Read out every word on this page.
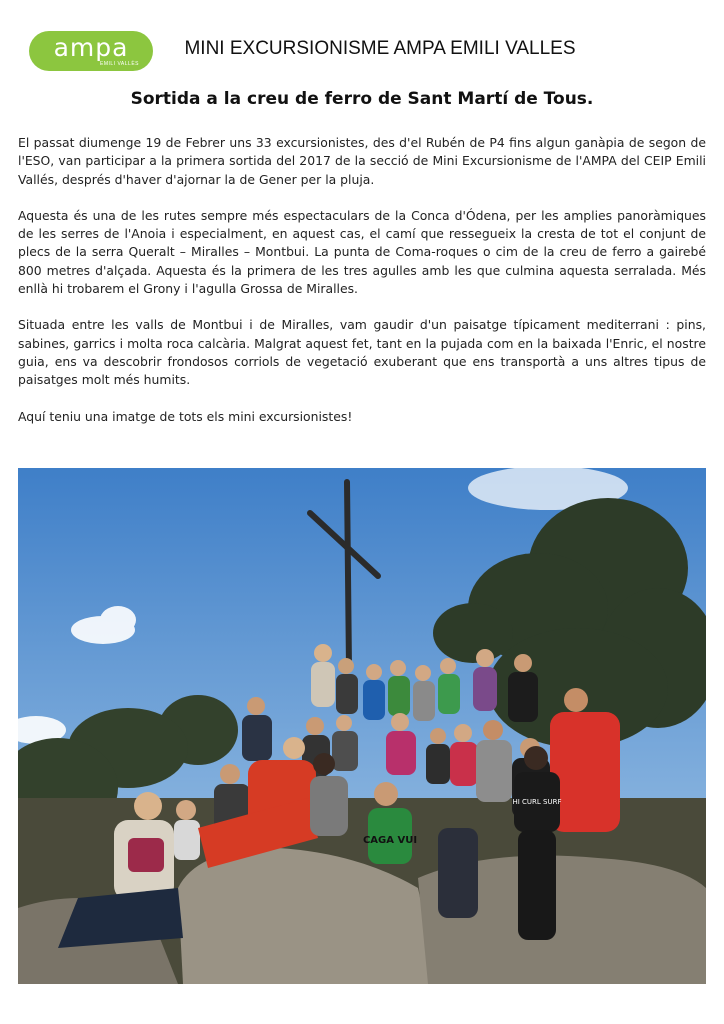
ampa
EMILI VALLÈS
MINI EXCURSIONISME AMPA EMILI VALLES
Sortida a la creu de ferro de Sant Martí de Tous.

El passat diumenge 19 de Febrer uns 33 excursionistes, des d'el Rubén de P4 fins algun ganàpia de segon de l'ESO, van participar a la primera sortida del 2017 de la secció de Mini Excursionisme de l'AMPA del CEIP Emili Vallés, després d'haver d'ajornar la de Gener per la pluja.

Aquesta és una de les rutes sempre més espectaculars de la Conca d'Ódena, per les amplies panoràmiques de les serres de l'Anoia i especialment, en aquest cas, el camí que ressegueix la cresta de tot el conjunt de plecs de la serra Queralt – Miralles – Montbui. La punta de Coma-roques o cim de la creu de ferro a gairebé 800 metres d'alçada. Aquesta és la primera de les tres agulles amb les que culmina aquesta serralada. Més enllà hi trobarem el Grony i l'agulla Grossa de Miralles.

Situada entre les valls de Montbui i de Miralles, vam gaudir d'un paisatge típicament mediterrani : pins, sabines, garrics i molta roca calcària. Malgrat aquest fet, tant en la pujada com en la baixada l'Enric, el nostre guia, ens va descobrir frondosos corriols de vegetació exuberant que ens transportà a uns altres tipus de paisatges molt més humits.

Aquí teniu una imatge de tots els mini excursionistes!

CAGA VUI
HI CURL SURF
